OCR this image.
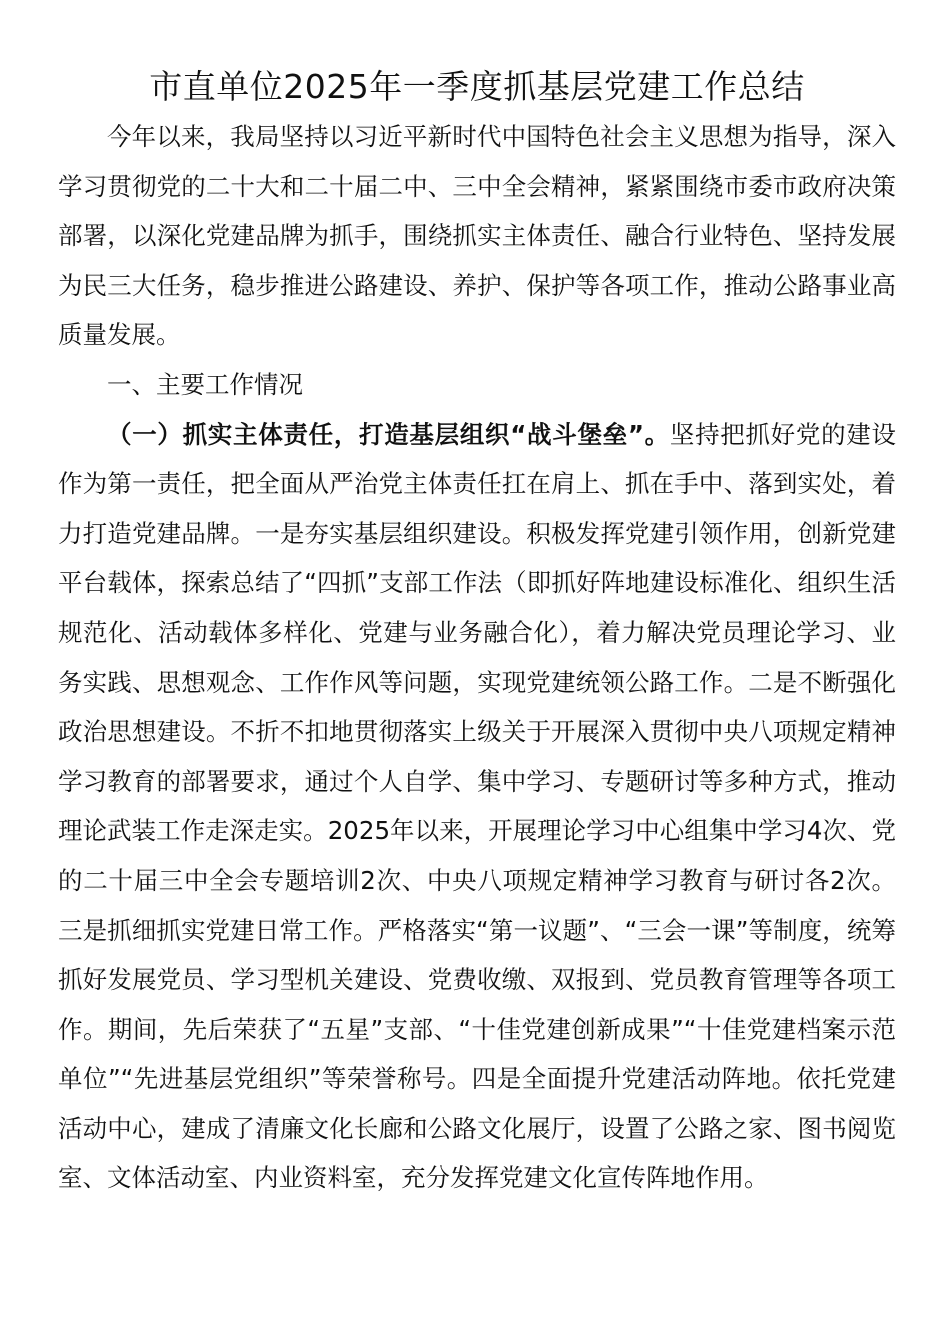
市直单位2025年一季度抓基层党建工作总结

今年以来，我局坚持以习近平新时代中国特色社会主义思想为指导，深入学习贯彻党的二十大和二十届二中、三中全会精神，紧紧围绕市委市政府决策部署，以深化党建品牌为抓手，围绕抓实主体责任、融合行业特色、坚持发展为民三大任务，稳步推进公路建设、养护、保护等各项工作，推动公路事业高质量发展。

一、主要工作情况

（一）抓实主体责任，打造基层组织“战斗堡垒”。坚持把抓好党的建设作为第一责任，把全面从严治党主体责任扛在肩上、抓在手中、落到实处，着力打造党建品牌。一是夯实基层组织建设。积极发挥党建引领作用，创新党建平台载体，探索总结了“四抓”支部工作法（即抓好阵地建设标准化、组织生活规范化、活动载体多样化、党建与业务融合化），着力解决党员理论学习、业务实践、思想观念、工作作风等问题，实现党建统领公路工作。二是不断强化政治思想建设。不折不扣地贯彻落实上级关于开展深入贯彻中央八项规定精神学习教育的部署要求，通过个人自学、集中学习、专题研讨等多种方式，推动理论武装工作走深走实。2025年以来，开展理论学习中心组集中学习4次、党的二十届三中全会专题培训2次、中央八项规定精神学习教育与研讨各2次。三是抓细抓实党建日常工作。严格落实“第一议题”、“三会一课”等制度，统筹抓好发展党员、学习型机关建设、党费收缴、双报到、党员教育管理等各项工作。期间，先后荣获了“五星”支部、“十佳党建创新成果”“十佳党建档案示范单位”“先进基层党组织”等荣誉称号。四是全面提升党建活动阵地。依托党建活动中心，建成了清廉文化长廊和公路文化展厅，设置了公路之家、图书阅览室、文体活动室、内业资料室，充分发挥党建文化宣传阵地作用。
